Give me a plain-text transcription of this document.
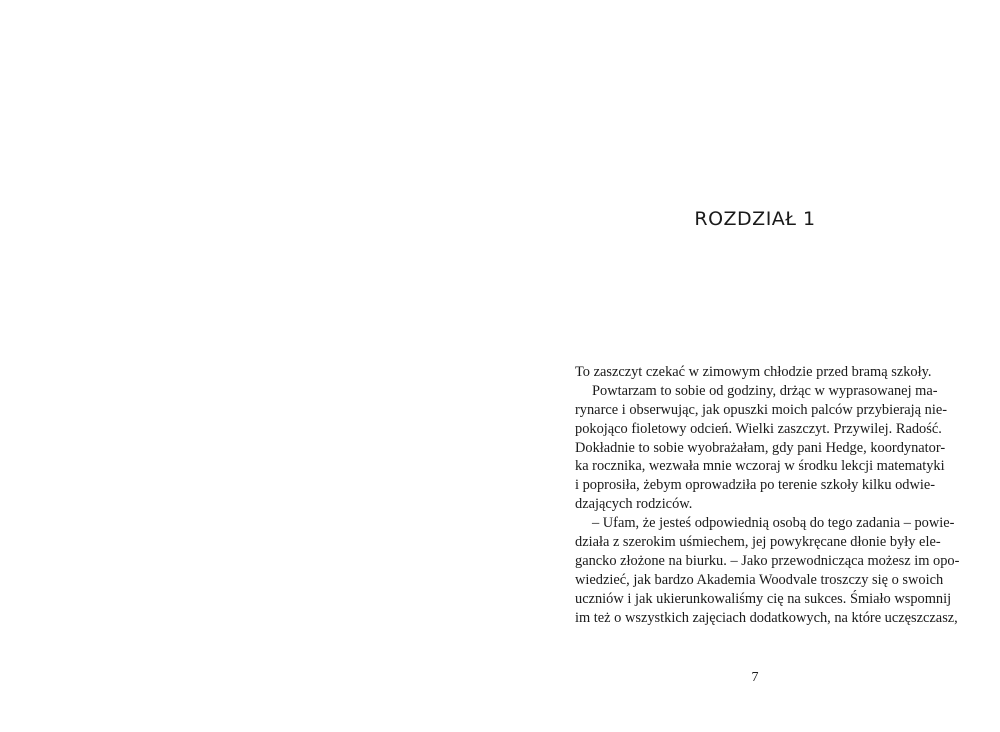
ROZDZIAŁ 1
To zaszczyt czekać w zimowym chłodzie przed bramą szkoły.
Powtarzam to sobie od godziny, drżąc w wyprasowanej ma-
rynarce i obserwując, jak opuszki moich palców przybierają nie-
pokojąco fioletowy odcień. Wielki zaszczyt. Przywilej. Radość.
Dokładnie to sobie wyobrażałam, gdy pani Hedge, koordynator-
ka rocznika, wezwała mnie wczoraj w środku lekcji matematyki
i poprosiła, żebym oprowadziła po terenie szkoły kilku odwie-
dzających rodziców.
– Ufam, że jesteś odpowiednią osobą do tego zadania – powie-
działa z szerokim uśmiechem, jej powykręcane dłonie były ele-
gancko złożone na biurku. – Jako przewodnicząca możesz im opo-
wiedzieć, jak bardzo Akademia Woodvale troszczy się o swoich
uczniów i jak ukierunkowaliśmy cię na sukces. Śmiało wspomnij
im też o wszystkich zajęciach dodatkowych, na które uczęszczasz,
7
